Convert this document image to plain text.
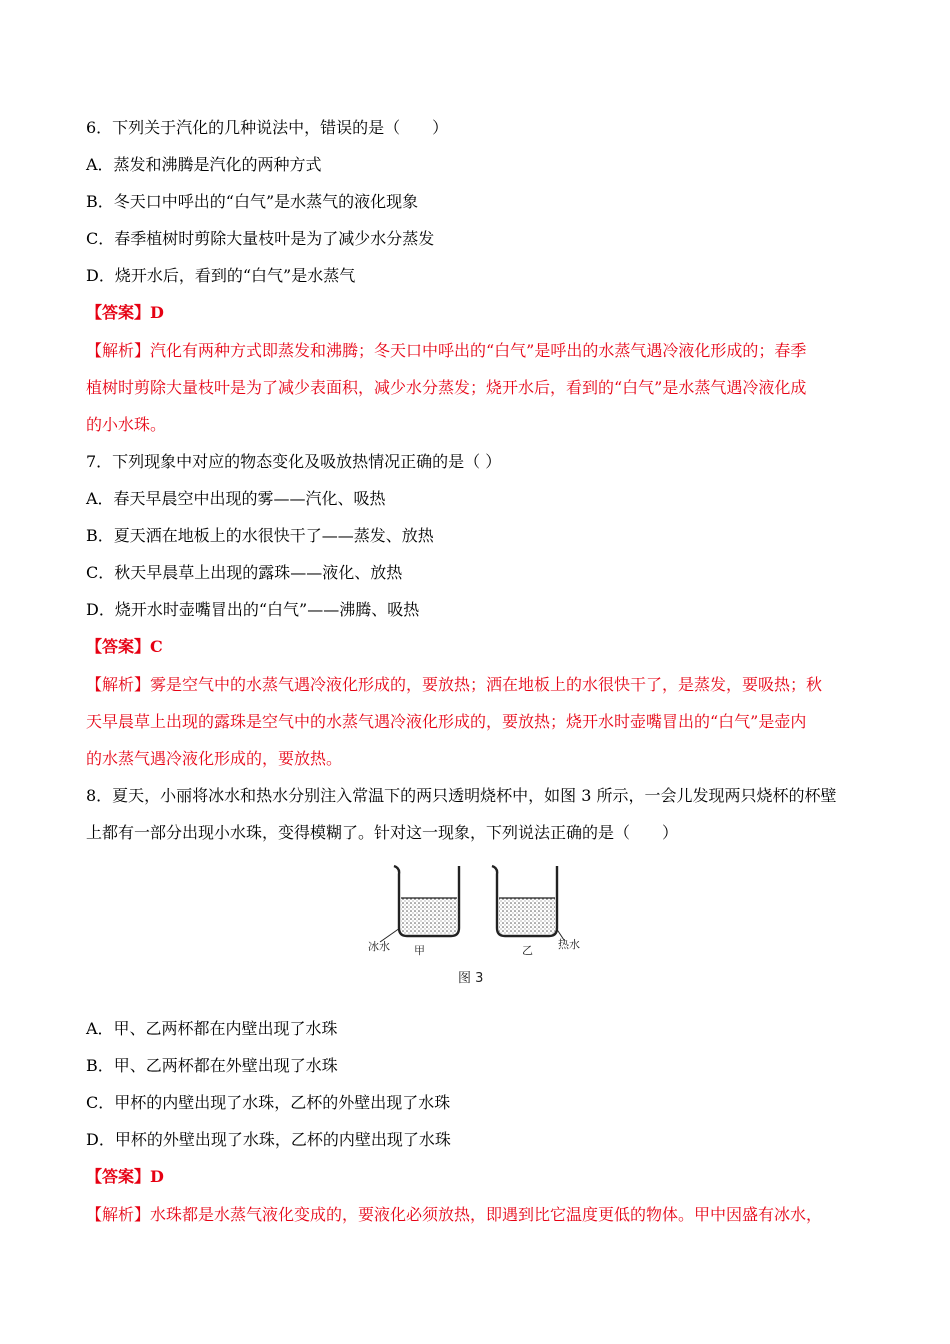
6．下列关于汽化的几种说法中，错误的是（　　）
A．蒸发和沸腾是汽化的两种方式
B．冬天口中呼出的“白气”是水蒸气的液化现象
C．春季植树时剪除大量枝叶是为了减少水分蒸发
D．烧开水后，看到的“白气”是水蒸气
【答案】D
【解析】汽化有两种方式即蒸发和沸腾；冬天口中呼出的“白气”是呼出的水蒸气遇冷液化形成的；春季
植树时剪除大量枝叶是为了减少表面积，减少水分蒸发；烧开水后，看到的“白气”是水蒸气遇冷液化成
的小水珠。
7．下列现象中对应的物态变化及吸放热情况正确的是（ ）
A．春天早晨空中出现的雾——汽化、吸热
B．夏天洒在地板上的水很快干了——蒸发、放热
C．秋天早晨草上出现的露珠——液化、放热
D．烧开水时壶嘴冒出的“白气”——沸腾、吸热
【答案】C
【解析】雾是空气中的水蒸气遇冷液化形成的，要放热；洒在地板上的水很快干了，是蒸发，要吸热；秋
天早晨草上出现的露珠是空气中的水蒸气遇冷液化形成的，要放热；烧开水时壶嘴冒出的“白气”是壶内
的水蒸气遇冷液化形成的，要放热。
8．夏天，小丽将冰水和热水分别注入常温下的两只透明烧杯中，如图 3 所示，一会儿发现两只烧杯的杯壁
上都有一部分出现小水珠，变得模糊了。针对这一现象，下列说法正确的是（　　）
冰水 甲	乙 热水
图 3
A．甲、乙两杯都在内壁出现了水珠
B．甲、乙两杯都在外壁出现了水珠
C．甲杯的内壁出现了水珠，乙杯的外壁出现了水珠
D．甲杯的外壁出现了水珠，乙杯的内壁出现了水珠
【答案】D
【解析】水珠都是水蒸气液化变成的，要液化必须放热，即遇到比它温度更低的物体。甲中因盛有冰水，
